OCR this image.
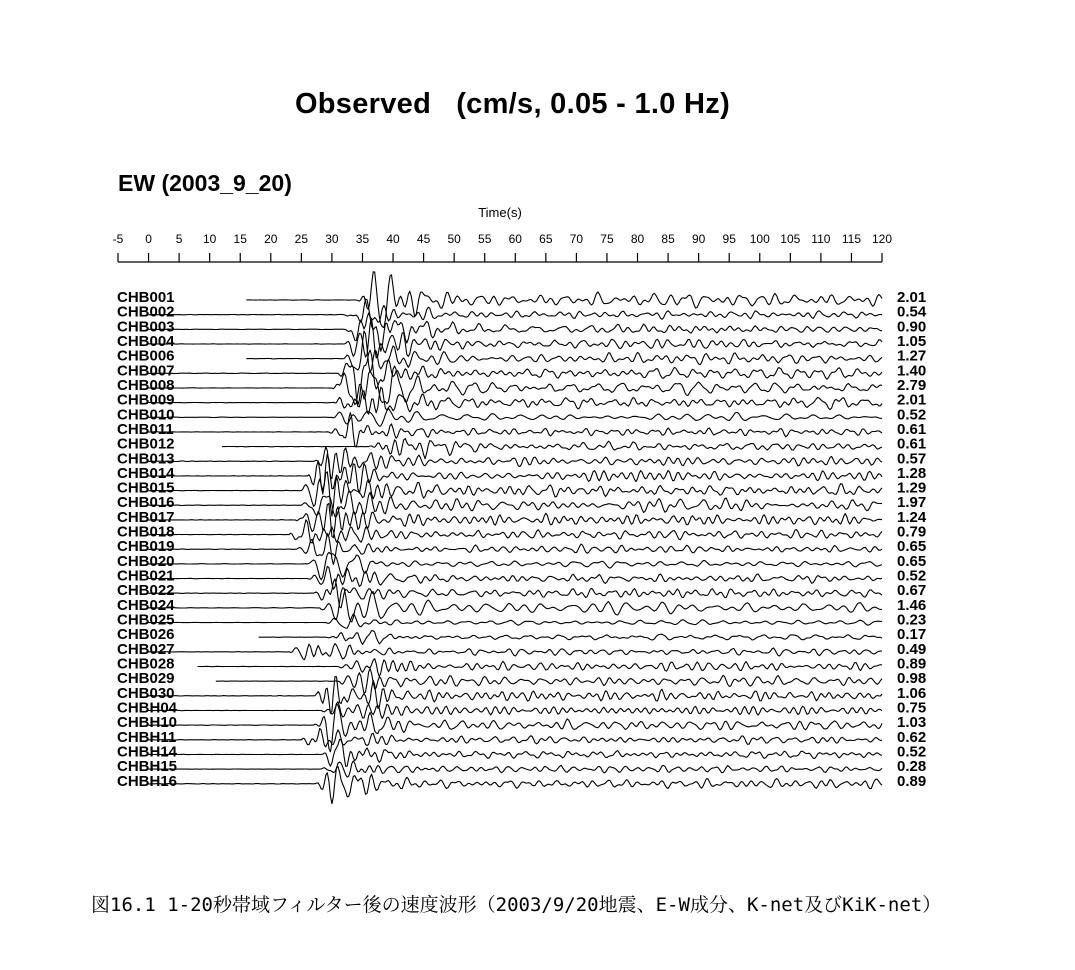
Observed   (cm/s, 0.05 - 1.0 Hz)
EW (2003_9_20)
Time(s)
-5 0 5 10 15 20 25 30 35 40 45 50 55 60 65 70 75 80 85 90 95 100 105 110 115 120
CHB001	2.01
CHB002	0.54
CHB003	0.90
CHB004	1.05
CHB006	1.27
CHB007	1.40
CHB008	2.79
CHB009	2.01
CHB010	0.52
CHB011	0.61
CHB012	0.61
CHB013	0.57
CHB014	1.28
CHB015	1.29
CHB016	1.97
CHB017	1.24
CHB018	0.79
CHB019	0.65
CHB020	0.65
CHB021	0.52
CHB022	0.67
CHB024	1.46
CHB025	0.23
CHB026	0.17
CHB027	0.49
CHB028	0.89
CHB029	0.98
CHB030	1.06
CHBH04	0.75
CHBH10	1.03
CHBH11	0.62
CHBH14	0.52
CHBH15	0.28
CHBH16	0.89
図16.1 1-20秒帯域フィルター後の速度波形（2003/9/20地震、E-W成分、K-net及びKiK-net）
